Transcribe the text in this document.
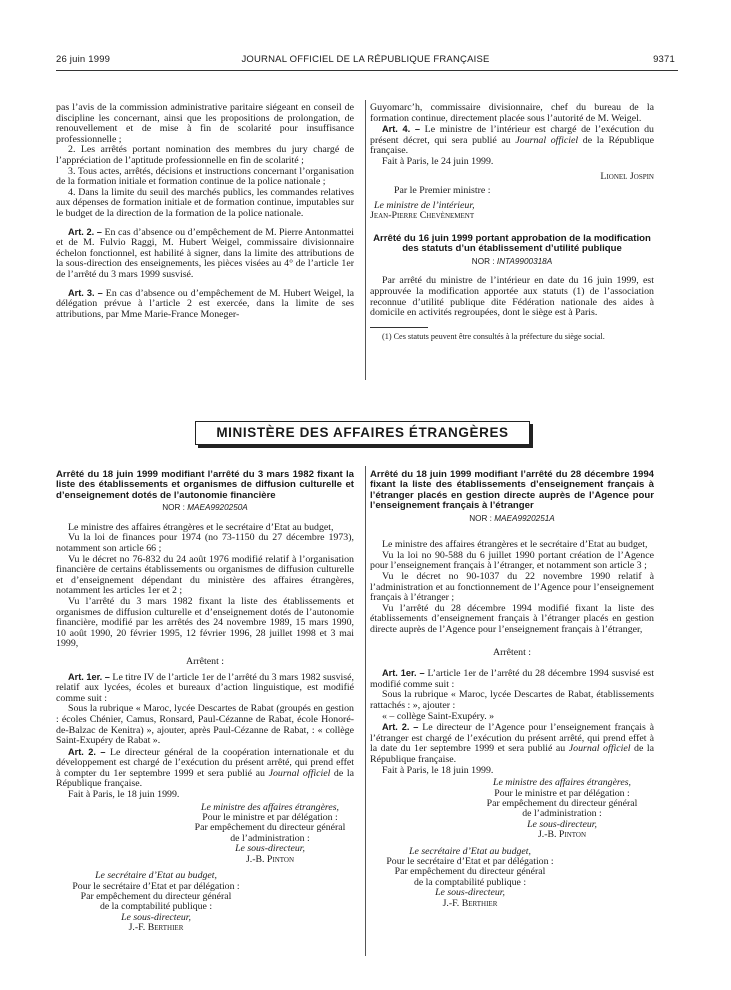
26 juin 1999	JOURNAL OFFICIEL DE LA RÉPUBLIQUE FRANÇAISE	9371

pas l’avis de la commission administrative paritaire siégeant en conseil de discipline les concernant, ainsi que les propositions de prolongation, de renouvellement et de mise à fin de scolarité pour insuffisance professionnelle ;

2. Les arrêtés portant nomination des membres du jury chargé de l’appréciation de l’aptitude professionnelle en fin de scolarité ;

3. Tous actes, arrêtés, décisions et instructions concernant l’organisation de la formation initiale et formation continue de la police nationale ;

4. Dans la limite du seuil des marchés publics, les commandes relatives aux dépenses de formation initiale et de formation continue, imputables sur le budget de la direction de la formation de la police nationale.

Art. 2. – En cas d’absence ou d’empêchement de M. Pierre Antonmattei et de M. Fulvio Raggi, M. Hubert Weigel, commissaire divisionnaire échelon fonctionnel, est habilité à signer, dans la limite des attributions de la sous-direction des enseignements, les pièces visées au 4° de l’article 1er de l’arrêté du 3 mars 1999 susvisé.

Art. 3. – En cas d’absence ou d’empêchement de M. Hubert Weigel, la délégation prévue à l’article 2 est exercée, dans la limite de ses attributions, par Mme Marie-France Moneger-

Guyomarc’h, commissaire divisionnaire, chef du bureau de la formation continue, directement placée sous l’autorité de M. Weigel.

Art. 4. – Le ministre de l’intérieur est chargé de l’exécution du présent décret, qui sera publié au Journal officiel de la République française.

Fait à Paris, le 24 juin 1999.

Lionel Jospin
Par le Premier ministre :
Le ministre de l’intérieur,
Jean-Pierre Chevènement
Arrêté du 16 juin 1999 portant approbation de la modification des statuts d’un établissement d’utilité publique
NOR : INTA9900318A

Par arrêté du ministre de l’intérieur en date du 16 juin 1999, est approuvée la modification apportée aux statuts (1) de l’association reconnue d’utilité publique dite Fédération nationale des aides à domicile en activités regroupées, dont le siège est à Paris.

(1) Ces statuts peuvent être consultés à la préfecture du siège social.
MINISTÈRE DES AFFAIRES ÉTRANGÈRES
Arrêté du 18 juin 1999 modifiant l’arrêté du 3 mars 1982 fixant la liste des établissements et organismes de diffusion culturelle et d’enseignement dotés de l’autonomie financière
NOR : MAEA9920250A

Le ministre des affaires étrangères et le secrétaire d’Etat au budget,

Vu la loi de finances pour 1974 (no 73-1150 du 27 décembre 1973), notamment son article 66 ;

Vu le décret no 76-832 du 24 août 1976 modifié relatif à l’organisation financière de certains établissements ou organismes de diffusion culturelle et d’enseignement dépendant du ministère des affaires étrangères, notamment les articles 1er et 2 ;

Vu l’arrêté du 3 mars 1982 fixant la liste des établissements et organismes de diffusion culturelle et d’enseignement dotés de l’autonomie financière, modifié par les arrêtés des 24 novembre 1989, 15 mars 1990, 10 août 1990, 20 février 1995, 12 février 1996, 28 juillet 1998 et 3 mai 1999,

Arrêtent :

Art. 1er. – Le titre IV de l’article 1er de l’arrêté du 3 mars 1982 susvisé, relatif aux lycées, écoles et bureaux d’action linguistique, est modifié comme suit :

Sous la rubrique « Maroc, lycée Descartes de Rabat (groupés en gestion : écoles Chénier, Camus, Ronsard, Paul-Cézanne de Rabat, école Honoré-de-Balzac de Kenitra) », ajouter, après Paul-Cézanne de Rabat, : « collège Saint-Exupéry de Rabat ».

Art. 2. – Le directeur général de la coopération internationale et du développement est chargé de l’exécution du présent arrêté, qui prend effet à compter du 1er septembre 1999 et sera publié au Journal officiel de la République française.

Fait à Paris, le 18 juin 1999.

Le ministre des affaires étrangères,
Pour le ministre et par délégation :
Par empêchement du directeur général
de l’administration :
Le sous-directeur,
J.-B. Pinton
Le secrétaire d’Etat au budget,
Pour le secrétaire d’Etat et par délégation :
Par empêchement du directeur général
de la comptabilité publique :
Le sous-directeur,
J.-F. Berthier
Arrêté du 18 juin 1999 modifiant l’arrêté du 28 décembre 1994 fixant la liste des établissements d’enseignement français à l’étranger placés en gestion directe auprès de l’Agence pour l’enseignement français à l’étranger
NOR : MAEA9920251A

Le ministre des affaires étrangères et le secrétaire d’Etat au budget,

Vu la loi no 90-588 du 6 juillet 1990 portant création de l’Agence pour l’enseignement français à l’étranger, et notamment son article 3 ;

Vu le décret no 90-1037 du 22 novembre 1990 relatif à l’administration et au fonctionnement de l’Agence pour l’enseignement français à l’étranger ;

Vu l’arrêté du 28 décembre 1994 modifié fixant la liste des établissements d’enseignement français à l’étranger placés en gestion directe auprès de l’Agence pour l’enseignement français à l’étranger,

Arrêtent :

Art. 1er. – L’article 1er de l’arrêté du 28 décembre 1994 susvisé est modifié comme suit :

Sous la rubrique « Maroc, lycée Descartes de Rabat, établissements rattachés : », ajouter :

« – collège Saint-Exupéry. »

Art. 2. – Le directeur de l’Agence pour l’enseignement français à l’étranger est chargé de l’exécution du présent arrêté, qui prend effet à la date du 1er septembre 1999 et sera publié au Journal officiel de la République française.

Fait à Paris, le 18 juin 1999.

Le ministre des affaires étrangères,
Pour le ministre et par délégation :
Par empêchement du directeur général
de l’administration :
Le sous-directeur,
J.-B. Pinton
Le secrétaire d’Etat au budget,
Pour le secrétaire d’Etat et par délégation :
Par empêchement du directeur général
de la comptabilité publique :
Le sous-directeur,
J.-F. Berthier
